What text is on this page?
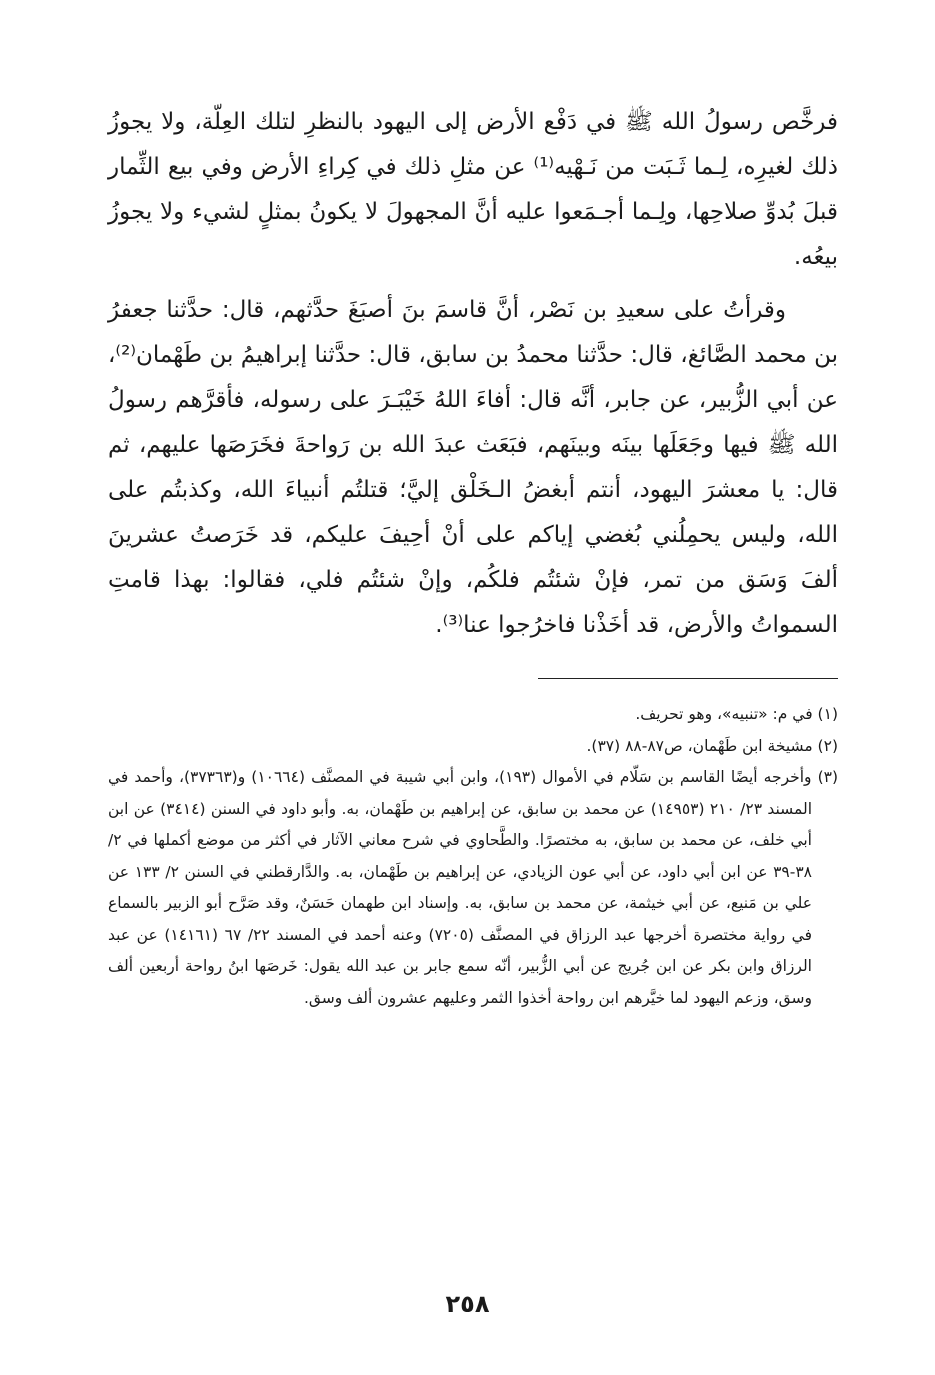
فرخَّص رسولُ الله ﷺ في دَفْع الأرض إلى اليهود بالنظرِ لتلك العِلّة، ولا يجوزُ ذلك لغيرِه، لِـما ثَـبَت من نَـهْيه⁽¹⁾ عن مثلِ ذلك في كِراءِ الأرض وفي بيع الثِّمار قبلَ بُدوِّ صلاحِها، ولِـما أجـمَعوا عليه أنَّ المجهولَ لا يكونُ بمثلٍ لشيء ولا يجوزُ بيعُه.

وقرأتُ على سعيدِ بن نَصْر، أنَّ قاسمَ بنَ أصبَغَ حدَّثهم، قال: حدَّثنا جعفرُ بن محمد الصَّائغ، قال: حدَّثنا محمدُ بن سابق، قال: حدَّثنا إبراهيمُ بن طَهْمان⁽²⁾، عن أبي الزُّبير، عن جابر، أنَّه قال: أفاءَ اللهُ خَيْبَـرَ على رسوله، فأقرَّهم رسولُ الله ﷺ فيها وجَعَلَها بينَه وبينَهم، فبَعَث عبدَ الله بن رَواحةَ فخَرَصَها عليهم، ثم قال: يا معشرَ اليهود، أنتم أبغضُ الـخَلْق إليَّ؛ قتلتُم أنبياءَ الله، وكذبتُم على الله، وليس يحمِلُني بُغضي إياكم على أنْ أحِيفَ عليكم، قد خَرَصتُ عشرينَ ألفَ وَسَق من تمر، فإنْ شئتُم فلكُم، وإنْ شئتُم فلي، فقالوا: بهذا قامتِ السمواتُ والأرض، قد أخَذْنا فاخرُجوا عنا⁽³⁾.

(١) في م: «تنبيه»، وهو تحريف.

(٢) مشيخة ابن طَهْمان، ص٨٧-٨٨ (٣٧).

(٣) وأخرجه أيضًا القاسم بن سَلّام في الأموال (١٩٣)، وابن أبي شيبة في المصنَّف (١٠٦٦٤) و(٣٧٣٦٣)، وأحمد في المسند ٢٣/ ٢١٠ (١٤٩٥٣) عن محمد بن سابق، عن إبراهيم بن طَهْمان، به. وأبو داود في السنن (٣٤١٤) عن ابن أبي خلف، عن محمد بن سابق، به مختصرًا. والطَّحاوي في شرح معاني الآثار في أكثر من موضع أكملها في ٢/ ٣٨-٣٩ عن ابن أبي داود، عن أبي عون الزيادي، عن إبراهيم بن طَهْمان، به. والدَّارقطني في السنن ٢/ ١٣٣ عن علي بن مَنيع، عن أبي خيثمة، عن محمد بن سابق، به. وإسناد ابن طهمان حَسَنٌ، وقد صَرَّح أبو الزبير بالسماع في رواية مختصرة أخرجها عبد الرزاق في المصنَّف (٧٢٠٥) وعنه أحمد في المسند ٢٢/ ٦٧ (١٤١٦١) عن عبد الرزاق وابن بكر عن ابن جُريج عن أبي الزُّبير، أنّه سمع جابر بن عبد الله يقول: خَرصَها ابنُ رواحة أربعين ألف وسق، وزعم اليهود لما خيَّرهم ابن رواحة أخذوا الثمر وعليهم عشرون ألف وسق.

٢٥٨
